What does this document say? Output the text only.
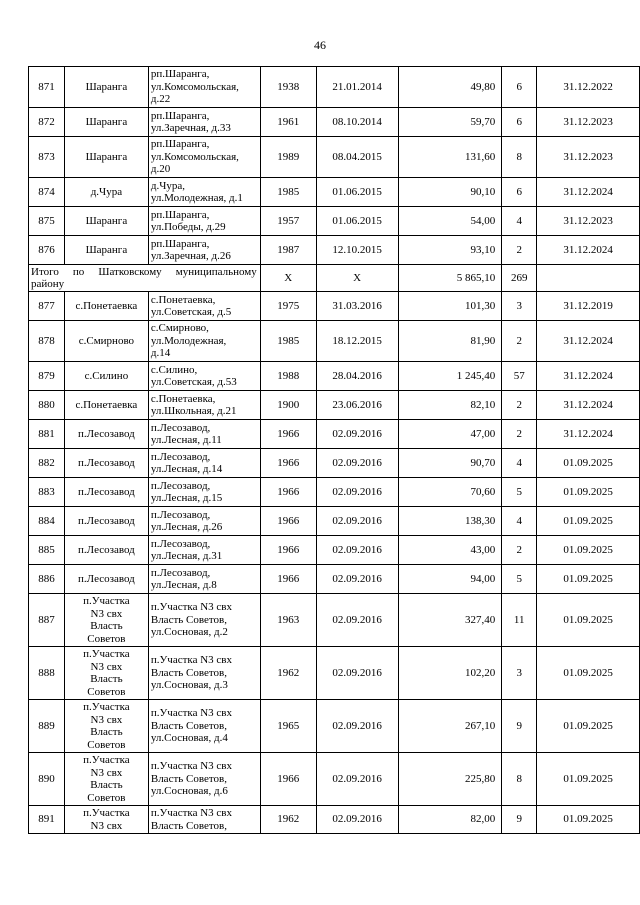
46
871	Шаранга	рп.Шаранга,
ул.Комсомольская,
д.22	1938	21.01.2014	49,80	6	31.12.2022
872	Шаранга	рп.Шаранга,
ул.Заречная, д.33	1961	08.10.2014	59,70	6	31.12.2023
873	Шаранга	рп.Шаранга,
ул.Комсомольская,
д.20	1989	08.04.2015	131,60	8	31.12.2023
874	д.Чура	д.Чура,
ул.Молодежная, д.1	1985	01.06.2015	90,10	6	31.12.2024
875	Шаранга	рп.Шаранга,
ул.Победы, д.29	1957	01.06.2015	54,00	4	31.12.2023
876	Шаранга	рп.Шаранга,
ул.Заречная, д.26	1987	12.10.2015	93,10	2	31.12.2024
Итого по Шатковскому муниципальному району			X	X	5 865,10	269	
877	с.Понетаевка	с.Понетаевка,
ул.Советская, д.5	1975	31.03.2016	101,30	3	31.12.2019
878	с.Смирново	с.Смирново,
ул.Молодежная,
д.14	1985	18.12.2015	81,90	2	31.12.2024
879	с.Силино	с.Силино,
ул.Советская, д.53	1988	28.04.2016	1 245,40	57	31.12.2024
880	с.Понетаевка	с.Понетаевка,
ул.Школьная, д.21	1900	23.06.2016	82,10	2	31.12.2024
881	п.Лесозавод	п.Лесозавод,
ул.Лесная, д.11	1966	02.09.2016	47,00	2	31.12.2024
882	п.Лесозавод	п.Лесозавод,
ул.Лесная, д.14	1966	02.09.2016	90,70	4	01.09.2025
883	п.Лесозавод	п.Лесозавод,
ул.Лесная, д.15	1966	02.09.2016	70,60	5	01.09.2025
884	п.Лесозавод	п.Лесозавод,
ул.Лесная, д.26	1966	02.09.2016	138,30	4	01.09.2025
885	п.Лесозавод	п.Лесозавод,
ул.Лесная, д.31	1966	02.09.2016	43,00	2	01.09.2025
886	п.Лесозавод	п.Лесозавод,
ул.Лесная, д.8	1966	02.09.2016	94,00	5	01.09.2025
887	п.Участка
N3 свх
Власть
Советов	п.Участка N3 свх
Власть Советов,
ул.Сосновая, д.2	1963	02.09.2016	327,40	11	01.09.2025
888	п.Участка
N3 свх
Власть
Советов	п.Участка N3 свх
Власть Советов,
ул.Сосновая, д.3	1962	02.09.2016	102,20	3	01.09.2025
889	п.Участка
N3 свх
Власть
Советов	п.Участка N3 свх
Власть Советов,
ул.Сосновая, д.4	1965	02.09.2016	267,10	9	01.09.2025
890	п.Участка
N3 свх
Власть
Советов	п.Участка N3 свх
Власть Советов,
ул.Сосновая, д.6	1966	02.09.2016	225,80	8	01.09.2025
891	п.Участка
N3 свх	п.Участка N3 свх
Власть Советов,	1962	02.09.2016	82,00	9	01.09.2025
